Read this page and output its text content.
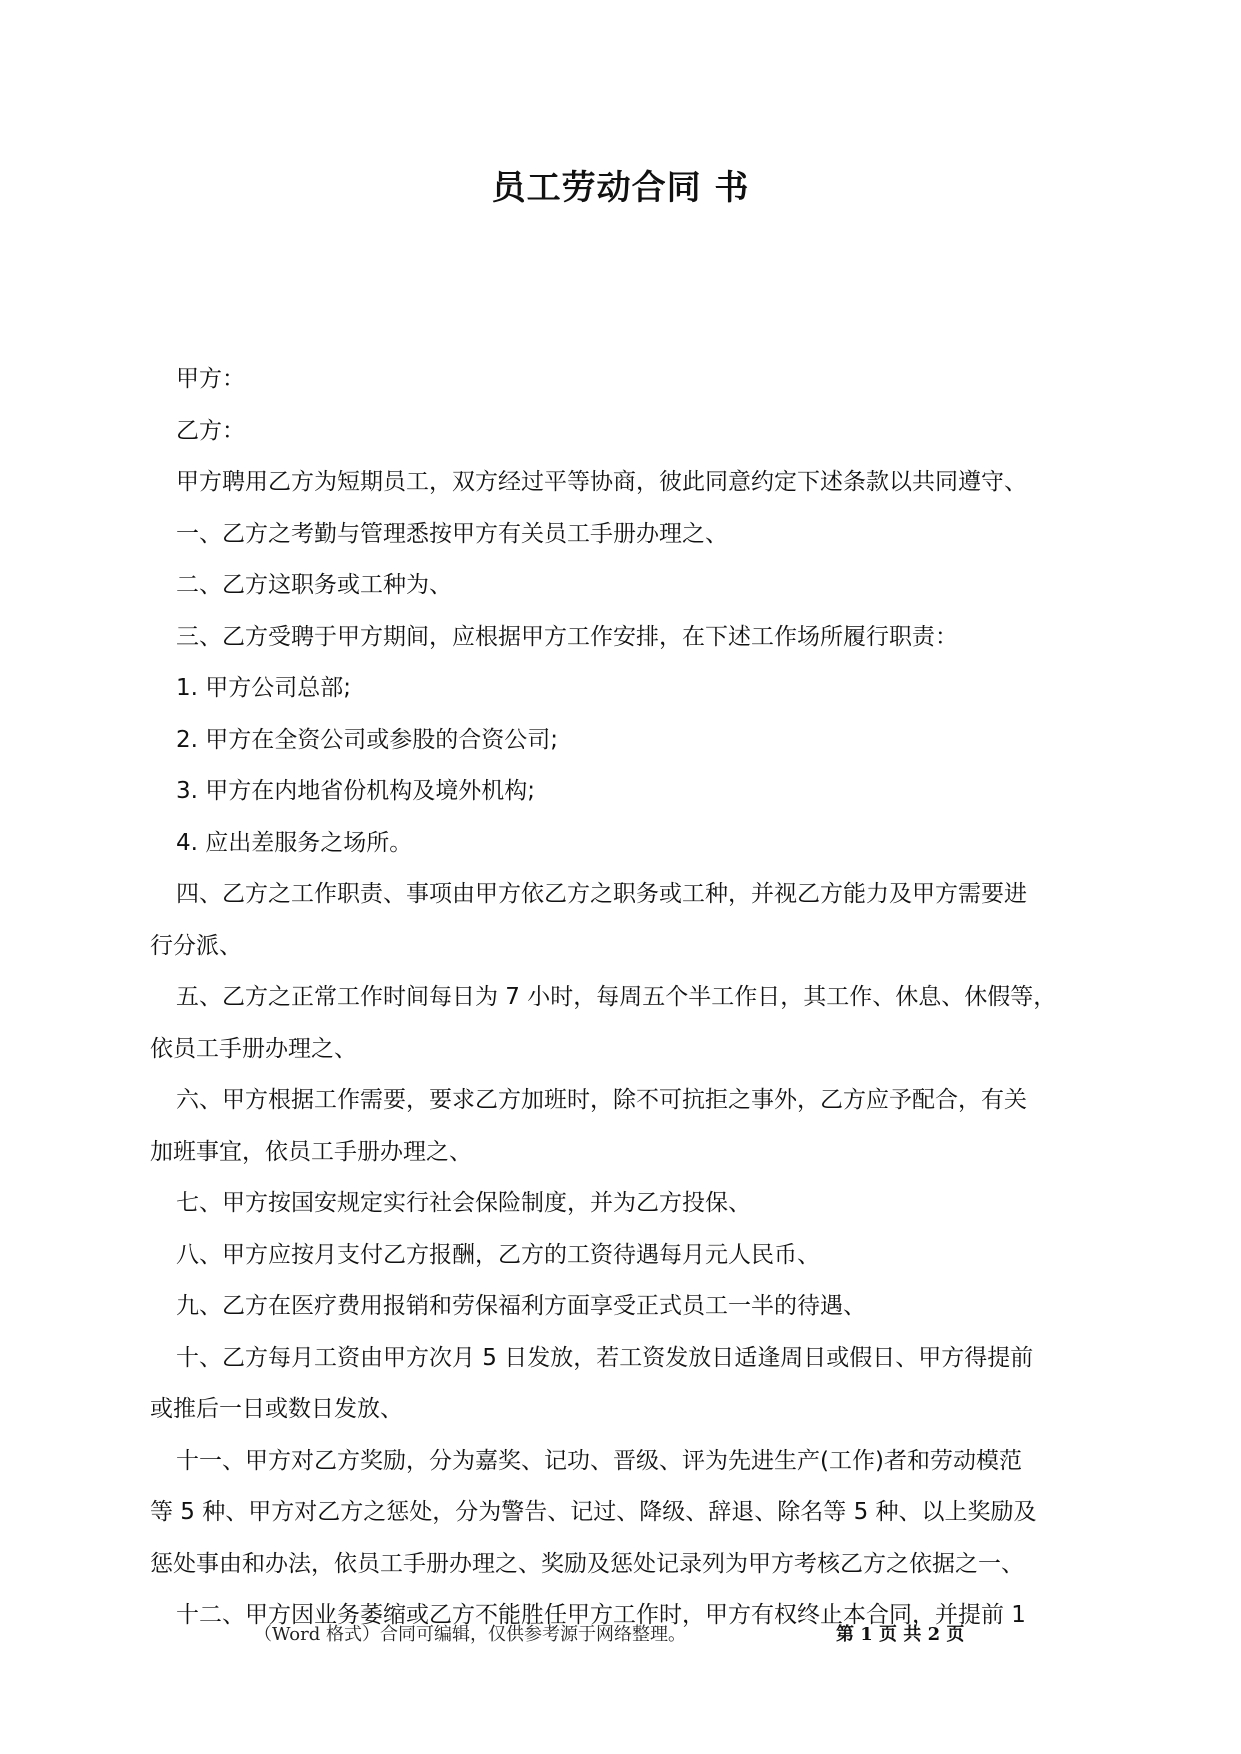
员工劳动合同 书
甲方：
乙方：
甲方聘用乙方为短期员工，双方经过平等协商，彼此同意约定下述条款以共同遵守、
一、乙方之考勤与管理悉按甲方有关员工手册办理之、
二、乙方这职务或工种为、
三、乙方受聘于甲方期间，应根据甲方工作安排，在下述工作场所履行职责：
1. 甲方公司总部;
2. 甲方在全资公司或参股的合资公司;
3. 甲方在内地省份机构及境外机构;
4. 应出差服务之场所。
四、乙方之工作职责、事项由甲方依乙方之职务或工种，并视乙方能力及甲方需要进
行分派、
五、乙方之正常工作时间每日为 7 小时，每周五个半工作日，其工作、休息、休假等，
依员工手册办理之、
六、甲方根据工作需要，要求乙方加班时，除不可抗拒之事外，乙方应予配合，有关
加班事宜，依员工手册办理之、
七、甲方按国安规定实行社会保险制度，并为乙方投保、
八、甲方应按月支付乙方报酬，乙方的工资待遇每月元人民币、
九、乙方在医疗费用报销和劳保福利方面享受正式员工一半的待遇、
十、乙方每月工资由甲方次月 5 日发放，若工资发放日适逢周日或假日、甲方得提前
或推后一日或数日发放、
十一、甲方对乙方奖励，分为嘉奖、记功、晋级、评为先进生产(工作)者和劳动模范
等 5 种、甲方对乙方之惩处，分为警告、记过、降级、辞退、除名等 5 种、以上奖励及
惩处事由和办法，依员工手册办理之、奖励及惩处记录列为甲方考核乙方之依据之一、
十二、甲方因业务萎缩或乙方不能胜任甲方工作时，甲方有权终止本合同，并提前 1
（Word 格式）合同可编辑，仅供参考源于网络整理。	第 1 页 共 2 页
